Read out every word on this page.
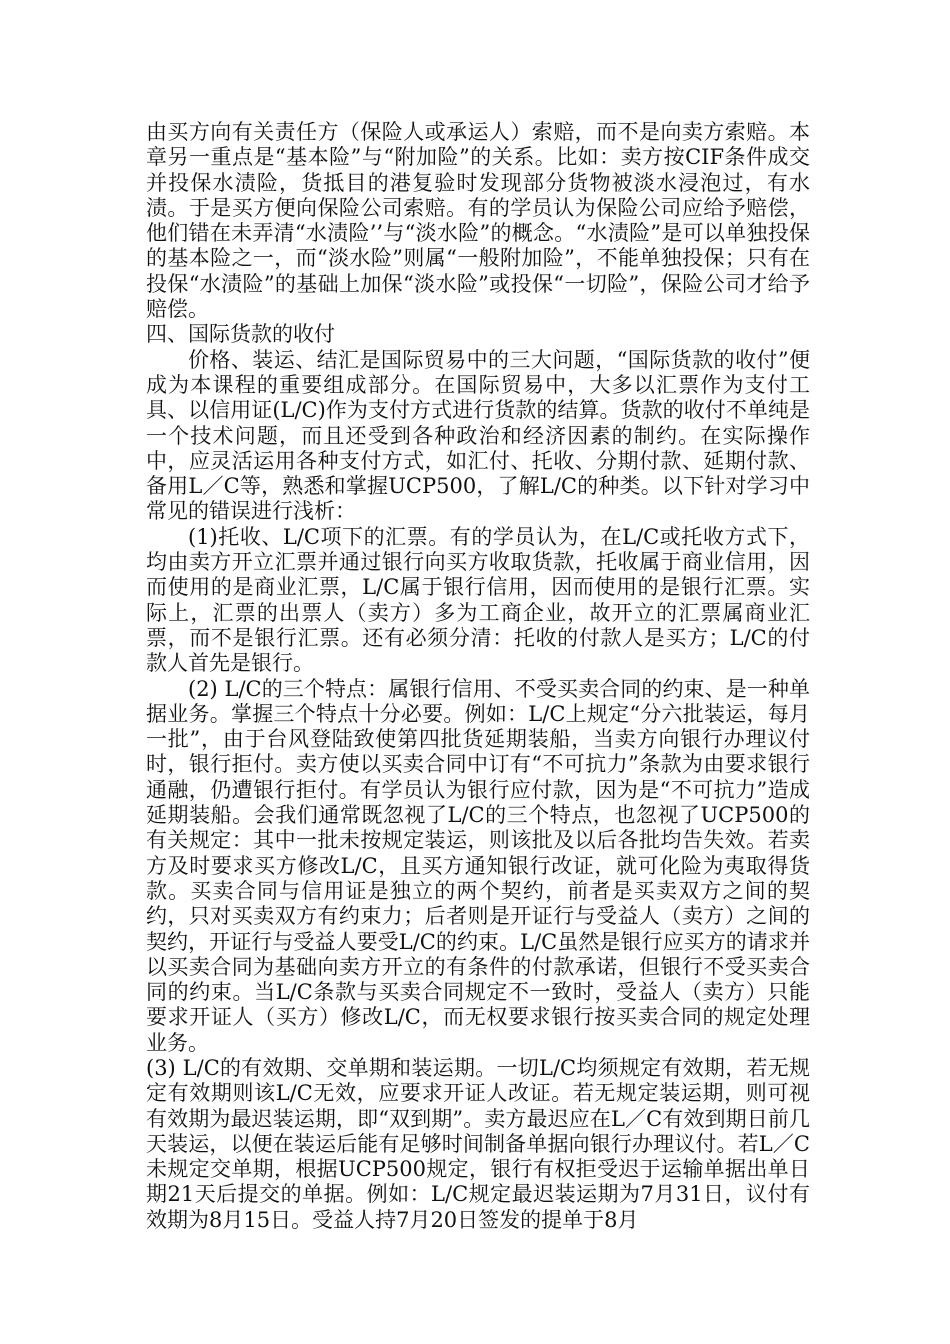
由买方向有关责任方（保险人或承运人）索赔，而不是向卖方索赔。本章另一重点是“基本险”与“附加险”的关系。比如：卖方按CIF条件成交并投保水渍险，货抵目的港复验时发现部分货物被淡水浸泡过，有水渍。于是买方便向保险公司索赔。有的学员认为保险公司应给予赔偿，他们错在未弄清“水渍险’’与“淡水险”的概念。“水渍险”是可以单独投保的基本险之一，而“淡水险”则属“一般附加险”，不能单独投保；只有在投保“水渍险”的基础上加保“淡水险”或投保“一切险”，保险公司才给予赔偿。

四、国际货款的收付

价格、装运、结汇是国际贸易中的三大问题，“国际货款的收付”便成为本课程的重要组成部分。在国际贸易中，大多以汇票作为支付工具、以信用证(L/C)作为支付方式进行货款的结算。货款的收付不单纯是一个技术问题，而且还受到各种政治和经济因素的制约。在实际操作中，应灵活运用各种支付方式，如汇付、托收、分期付款、延期付款、备用L／C等，熟悉和掌握UCP500，了解L/C的种类。以下针对学习中常见的错误进行浅析：

(1)托收、L/C项下的汇票。有的学员认为，在L/C或托收方式下，均由卖方开立汇票并通过银行向买方收取货款，托收属于商业信用，因而使用的是商业汇票，L/C属于银行信用，因而使用的是银行汇票。实际上，汇票的出票人（卖方）多为工商企业，故开立的汇票属商业汇票，而不是银行汇票。还有必须分清：托收的付款人是买方；L/C的付款人首先是银行。

(2) L/C的三个特点：属银行信用、不受买卖合同的约束、是一种单据业务。掌握三个特点十分必要。例如：L/C上规定“分六批装运，每月一批”，由于台风登陆致使第四批货延期装船，当卖方向银行办理议付时，银行拒付。卖方使以买卖合同中订有“不可抗力”条款为由要求银行通融，仍遭银行拒付。有学员认为银行应付款，因为是“不可抗力”造成延期装船。会我们通常既忽视了L/C的三个特点，也忽视了UCP500的有关规定：其中一批未按规定装运，则该批及以后各批均告失效。若卖方及时要求买方修改L/C，且买方通知银行改证，就可化险为夷取得货款。买卖合同与信用证是独立的两个契约，前者是买卖双方之间的契约，只对买卖双方有约束力；后者则是开证行与受益人（卖方）之间的契约，开证行与受益人要受L/C的约束。L/C虽然是银行应买方的请求并以买卖合同为基础向卖方开立的有条件的付款承诺，但银行不受买卖合同的约束。当L/C条款与买卖合同规定不一致时，受益人（卖方）只能要求开证人（买方）修改L/C，而无权要求银行按买卖合同的规定处理业务。

(3) L/C的有效期、交单期和装运期。一切L/C均须规定有效期，若无规定有效期则该L/C无效，应要求开证人改证。若无规定装运期，则可视有效期为最迟装运期，即“双到期”。卖方最迟应在L／C有效到期日前几天装运，以便在装运后能有足够时间制备单据向银行办理议付。若L／C未规定交单期，根据UCP500规定，银行有权拒受迟于运输单据出单日期21天后提交的单据。例如：L/C规定最迟装运期为7月31日，议付有效期为8月15日。受益人持7月20日签发的提单于8月
